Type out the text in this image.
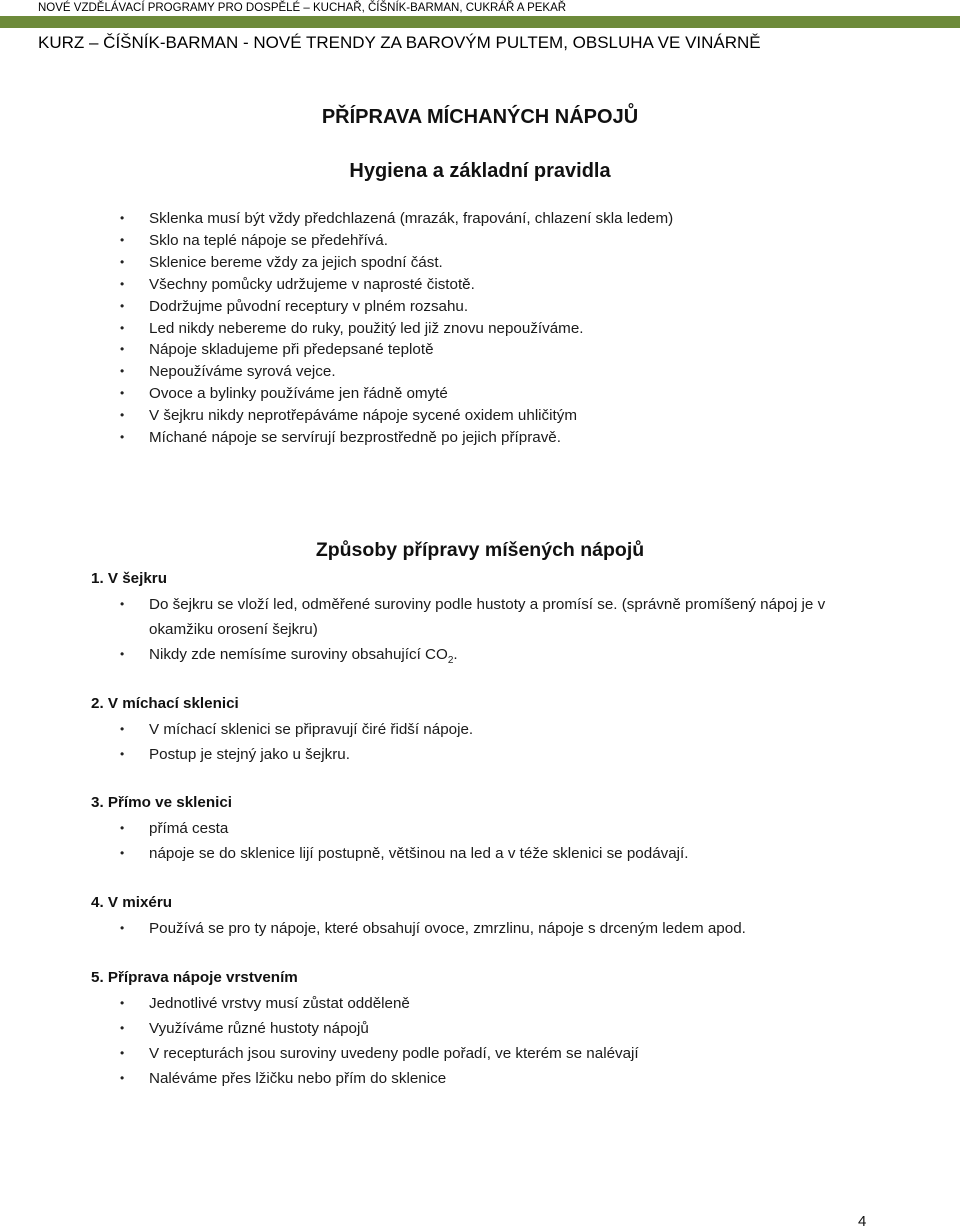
NOVÉ VZDĚLÁVACÍ PROGRAMY PRO DOSPĚLÉ – KUCHAŘ, ČÍŠNÍK-BARMAN, CUKRÁŘ A PEKAŘ
KURZ – ČÍŠNÍK-BARMAN - NOVÉ TRENDY ZA BAROVÝM PULTEM, OBSLUHA VE VINÁRNĚ
PŘÍPRAVA MÍCHANÝCH NÁPOJŮ
Hygiena a základní pravidla
• Sklenka musí být vždy předchlazená (mrazák, frapování, chlazení skla ledem)
• Sklo na teplé nápoje se předehřívá.
• Sklenice bereme vždy za jejich spodní část.
• Všechny pomůcky udržujeme v naprosté čistotě.
• Dodržujme původní receptury v plném rozsahu.
• Led nikdy nebereme do ruky, použitý led již znovu nepoužíváme.
• Nápoje skladujeme při předepsané teplotě
• Nepoužíváme syrová vejce.
• Ovoce a bylinky používáme jen řádně omyté
• V šejkru nikdy neprotřepáváme nápoje sycené oxidem uhličitým
• Míchané nápoje se servírují bezprostředně po jejich přípravě.
Způsoby přípravy míšených nápojů
1. V šejkru
• Do šejkru se vloží led, odměřené suroviny podle hustoty a promísí se. (správně promíšený nápoj je v
okamžiku orosení šejkru)
• Nikdy zde nemísíme suroviny obsahující $CO_2$.
2. V míchací sklenici
• V míchací sklenici se připravují čiré řidší nápoje.
• Postup je stejný jako u šejkru.
3. Přímo ve sklenici
• přímá cesta
• nápoje se do sklenice lijí postupně, většinou na led a v téže sklenici se podávají.
4. V mixéru
• Používá se pro ty nápoje, které obsahují ovoce, zmrzlinu, nápoje s drceným ledem apod.
5. Příprava nápoje vrstvením
• Jednotlivé vrstvy musí zůstat odděleně
• Využíváme různé hustoty nápojů
• V recepturách jsou suroviny uvedeny podle pořadí, ve kterém se nalévají
• Naléváme přes lžičku nebo přím do sklenice
4
